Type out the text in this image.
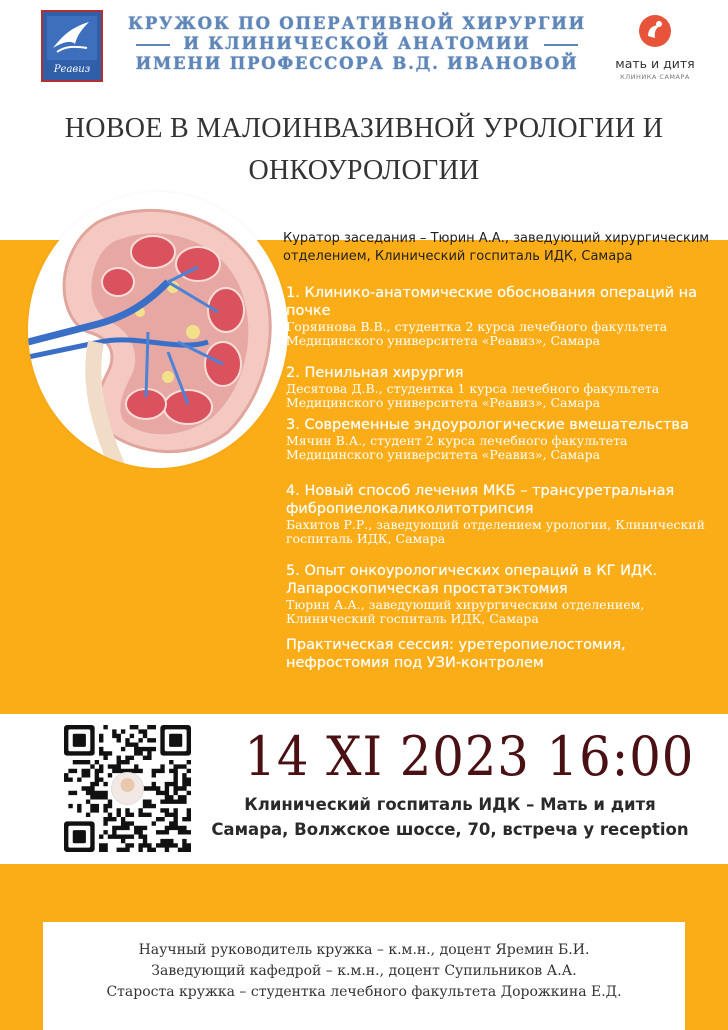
Реавиз
КРУЖОК ПО ОПЕРАТИВНОЙ ХИРУРГИИ
И КЛИНИЧЕСКОЙ АНАТОМИИ
ИМЕНИ ПРОФЕССОРА В.Д. ИВАНОВОЙ	мать и дитя
КЛИНИКА САМАРА
НОВОЕ В МАЛОИНВАЗИВНОЙ УРОЛОГИИ И
ОНКОУРОЛОГИИ
Куратор заседания – Тюрин А.А., заведующий хирургическим отделением, Клинический госпиталь ИДК, Самара
1. Клинико-анатомические обоснования операций на почке
Горяинова В.В., студентка 2 курса лечебного факультета Медицинского университета «Реавиз», Самара
2. Пенильная хирургия
Десятова Д.В., студентка 1 курса лечебного факультета Медицинского университета «Реавиз», Самара
3. Современные эндоурологические вмешательства
Мячин В.А., студент 2 курса лечебного факультета Медицинского университета «Реавиз», Самара
4. Новый способ лечения МКБ – трансуретральная фибропиелокаликолитотрипсия
Бахитов Р.Р., заведующий отделением урологии, Клинический госпиталь ИДК, Самара
5. Опыт онкоурологических операций в КГ ИДК. Лапароскопическая простатэктомия
Тюрин А.А., заведующий хирургическим отделением, Клинический госпиталь ИДК, Самара
Практическая сессия: уретеропиелостомия, нефростомия под УЗИ-контролем
14 XI 2023 16:00
Клинический госпиталь ИДК – Мать и дитя
Самара, Волжское шоссе, 70, встреча у reception
Научный руководитель кружка – к.м.н., доцент Яремин Б.И.
Заведующий кафедрой – к.м.н., доцент Супильников А.А.
Староста кружка – студентка лечебного факультета Дорожкина Е.Д.
